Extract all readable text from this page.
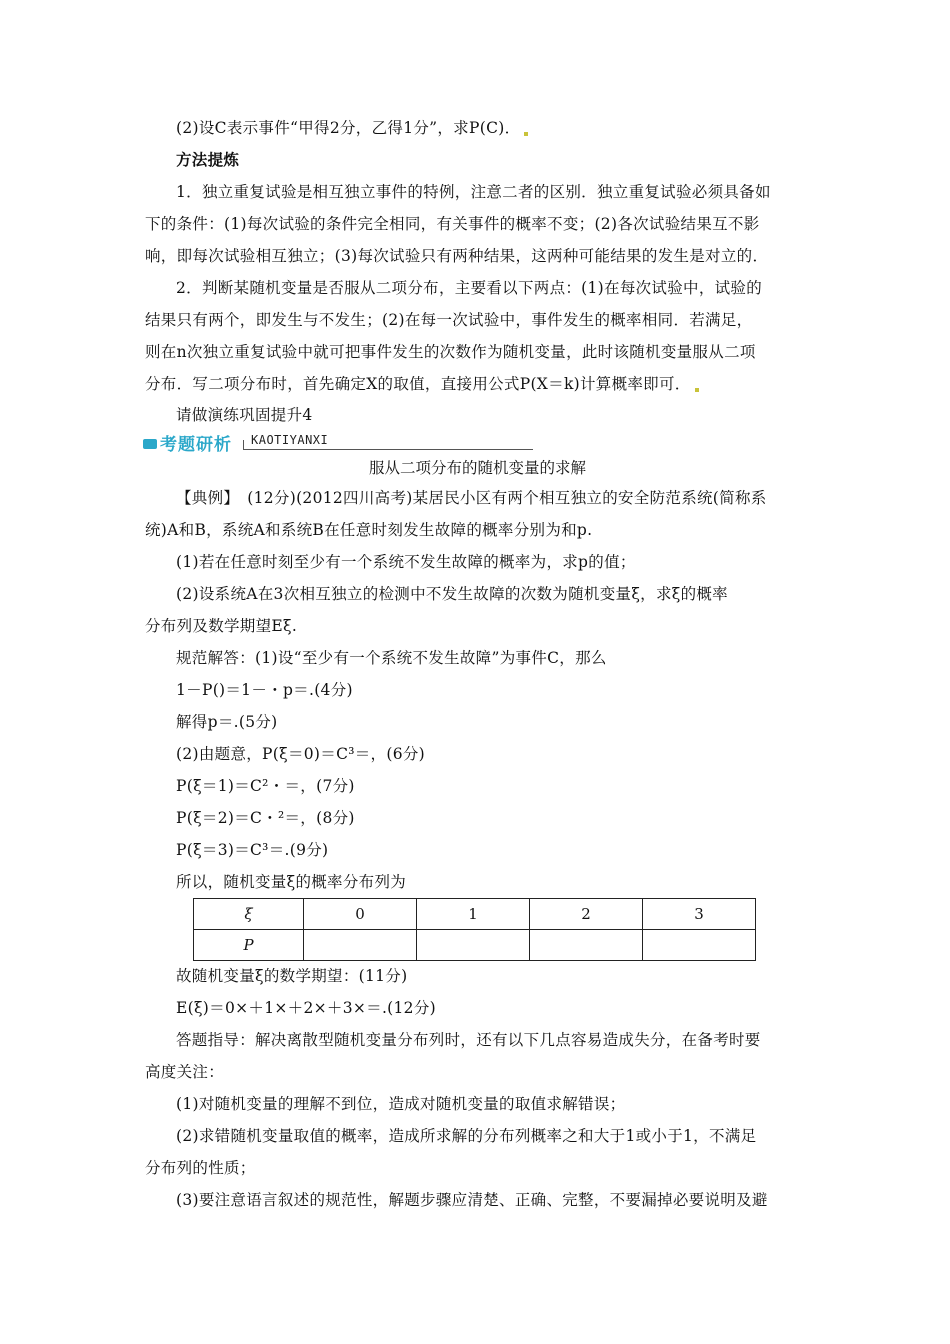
(2)设C表示事件“甲得2分，乙得1分”，求P(C)．
方法提炼
1．独立重复试验是相互独立事件的特例，注意二者的区别．独立重复试验必须具备如
下的条件：(1)每次试验的条件完全相同，有关事件的概率不变；(2)各次试验结果互不影
响，即每次试验相互独立；(3)每次试验只有两种结果，这两种可能结果的发生是对立的．
2．判断某随机变量是否服从二项分布，主要看以下两点：(1)在每次试验中，试验的
结果只有两个，即发生与不发生；(2)在每一次试验中，事件发生的概率相同．若满足，
则在n次独立重复试验中就可把事件发生的次数作为随机变量，此时该随机变量服从二项
分布．写二项分布时，首先确定X的取值，直接用公式P(X＝k)计算概率即可．
请做演练巩固提升4
考题研析 KAOTIYANXI
服从二项分布的随机变量的求解
【典例】　(12分)(2012四川高考)某居民小区有两个相互独立的安全防范系统(简称系
统)A和B，系统A和系统B在任意时刻发生故障的概率分别为和p.
(1)若在任意时刻至少有一个系统不发生故障的概率为，求p的值；
(2)设系统A在3次相互独立的检测中不发生故障的次数为随机变量ξ，求ξ的概率
分布列及数学期望Eξ.
规范解答：(1)设“至少有一个系统不发生故障”为事件C，那么
1－P()＝1－・p＝.(4分)
解得p＝.(5分)
(2)由题意，P(ξ＝0)＝C³＝，(6分)
P(ξ＝1)＝C²・＝，(7分)
P(ξ＝2)＝C・²＝，(8分)
P(ξ＝3)＝C³＝.(9分)
所以，随机变量ξ的概率分布列为
ξ	0	1	2	3
P				
故随机变量ξ的数学期望：(11分)
E(ξ)＝0×＋1×＋2×＋3×＝.(12分)
答题指导：解决离散型随机变量分布列时，还有以下几点容易造成失分，在备考时要
高度关注：
(1)对随机变量的理解不到位，造成对随机变量的取值求解错误；
(2)求错随机变量取值的概率，造成所求解的分布列概率之和大于1或小于1，不满足
分布列的性质；
(3)要注意语言叙述的规范性，解题步骤应清楚、正确、完整，不要漏掉必要说明及避
